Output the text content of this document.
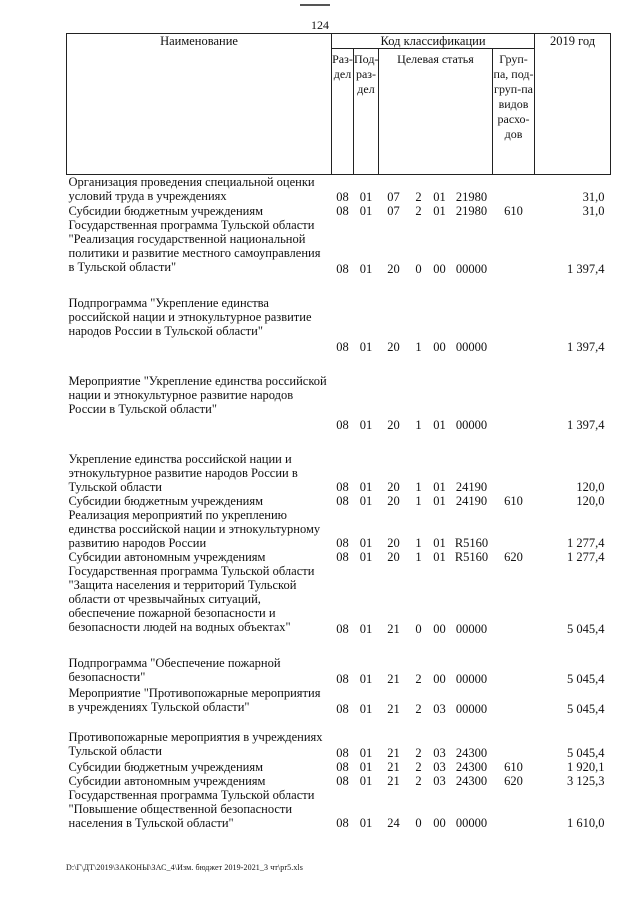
124
Наименование	Код классификации							2019 год

	Раз-дел	Под-раз-дел	Целевая статья				Груп-па, под-груп-па видов расхо-дов	

Организация проведения специальной оценки условий труда в учреждениях	08	01	07	2	01	21980		31,0
Субсидии бюджетным учреждениям	08	01	07	2	01	21980	610	31,0
Государственная программа Тульской области "Реализация государственной национальной политики и развитие местного самоуправления в Тульской области"	08	01	20	0	00	00000		1 397,4

Подпрограмма "Укрепление единства российской нации и этнокультурное развитие народов России в Тульской области"	08	01	20	1	00	00000		1 397,4

Мероприятие "Укрепление единства российской нации и этнокультурное развитие народов России в Тульской области"	08	01	20	1	01	00000		1 397,4

Укрепление единства российской нации и этнокультурное развитие народов России в Тульской области	08	01	20	1	01	24190		120,0
Субсидии бюджетным учреждениям	08	01	20	1	01	24190	610	120,0
Реализация мероприятий по укреплению единства российской нации и этнокультурному развитию народов России	08	01	20	1	01	R5160		1 277,4
Субсидии автономным учреждениям	08	01	20	1	01	R5160	620	1 277,4
Государственная программа Тульской области "Защита населения и территорий Тульской области от чрезвычайных ситуаций, обеспечение пожарной безопасности и безопасности людей на водных объектах"	08	01	21	0	00	00000		5 045,4

Подпрограмма "Обеспечение пожарной безопасности"	08	01	21	2	00	00000		5 045,4
Мероприятие "Противопожарные мероприятия в учреждениях Тульской области"	08	01	21	2	03	00000		5 045,4

Противопожарные мероприятия в учреждениях Тульской области	08	01	21	2	03	24300		5 045,4
Субсидии бюджетным учреждениям	08	01	21	2	03	24300	610	1 920,1
Субсидии автономным учреждениям	08	01	21	2	03	24300	620	3 125,3
Государственная программа Тульской области "Повышение общественной безопасности населения в Тульской области"	08	01	24	0	00	00000		1 610,0
D:\Г\ДТ\2019\ЗАКОНЫ\ЗАС_4\Изм. бюджет 2019-2021_3 чт\pr5.xls
